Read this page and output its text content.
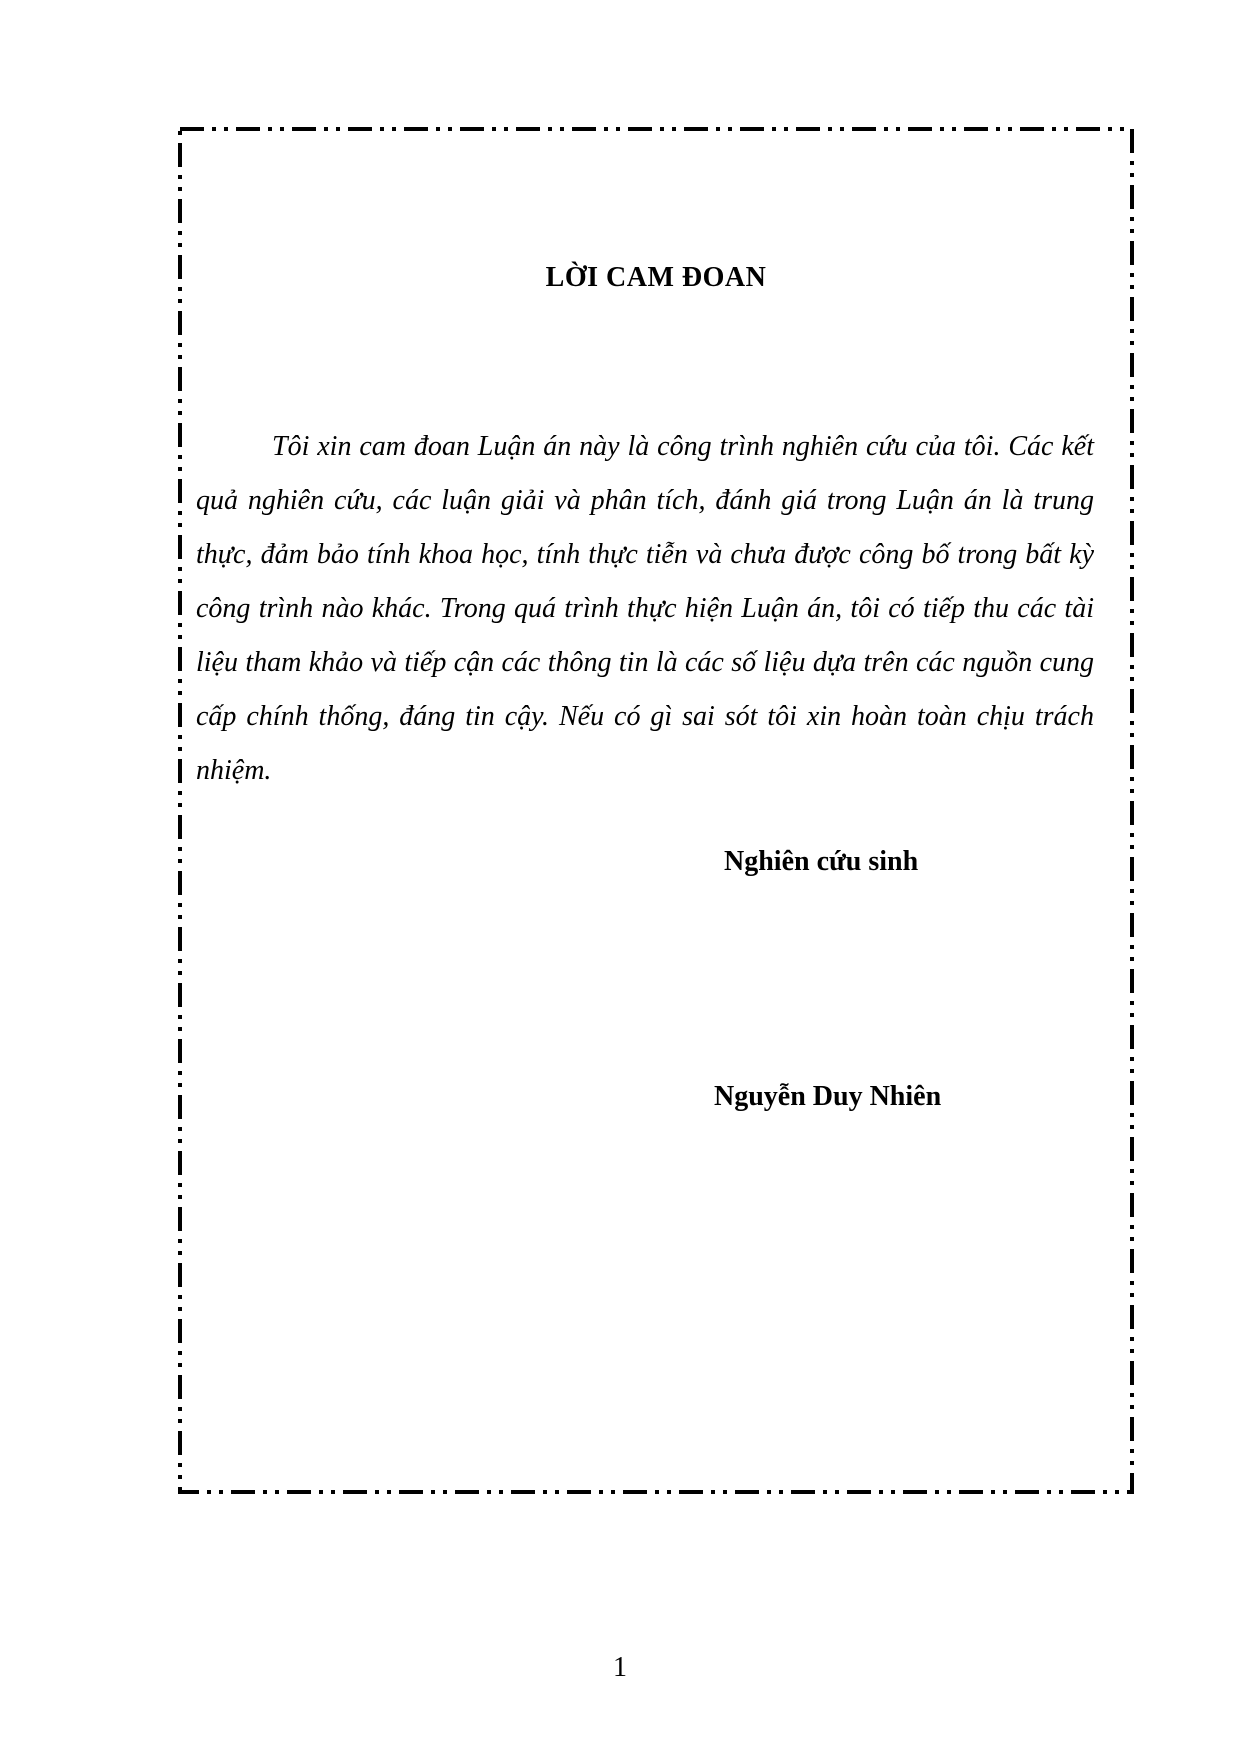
LỜI CAM ĐOAN

Tôi xin cam đoan Luận án này là công trình nghiên cứu của tôi. Các kết quả nghiên cứu, các luận giải và phân tích, đánh giá trong Luận án là trung thực, đảm bảo tính khoa học, tính thực tiễn và chưa được công bố trong bất kỳ công trình nào khác. Trong quá trình thực hiện Luận án, tôi có tiếp thu các tài liệu tham khảo và tiếp cận các thông tin là các số liệu dựa trên các nguồn cung cấp chính thống, đáng tin cậy. Nếu có gì sai sót tôi xin hoàn toàn chịu trách nhiệm.

Nghiên cứu sinh
Nguyễn Duy Nhiên
1
